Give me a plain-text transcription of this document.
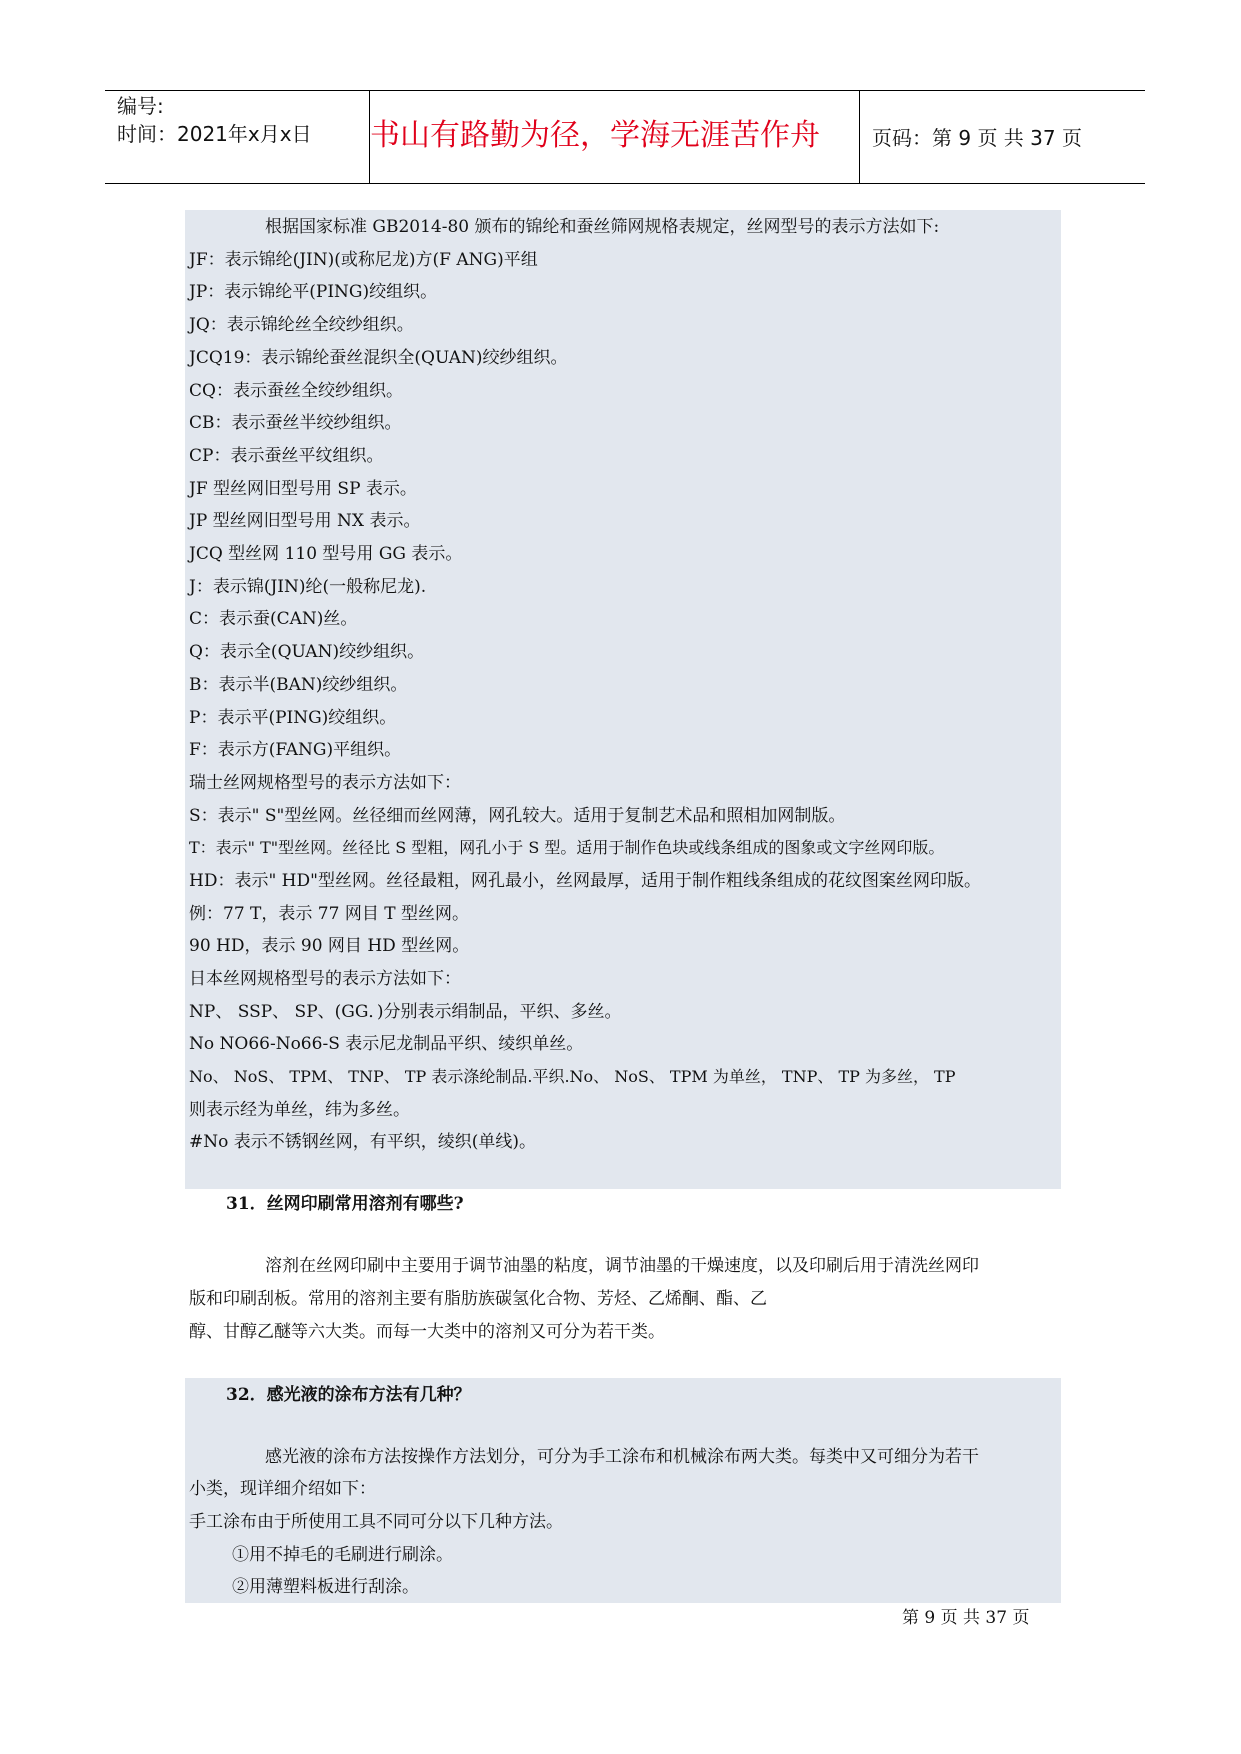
编号:
时间：2021年x月x日 书山有路勤为径，学海无涯苦作舟	页码：第 9 页 共 37 页
根据国家标准 GB2014-80 颁布的锦纶和蚕丝筛网规格表规定，丝网型号的表示方法如下:
JF：表示锦纶(JIN)(或称尼龙)方(F ANG)平组
JP：表示锦纶平(PING)绞组织。
JQ：表示锦纶丝全绞纱组织。
JCQ19：表示锦纶蚕丝混织全(QUAN)绞纱组织。
CQ：表示蚕丝全绞纱组织。
CB：表示蚕丝半绞纱组织。
CP：表示蚕丝平纹组织。
JF 型丝网旧型号用 SP 表示。
JP 型丝网旧型号用 NX 表示。
JCQ 型丝网 110 型号用 GG 表示。
J：表示锦(JIN)纶(一般称尼龙).
C：表示蚕(CAN)丝。
Q：表示全(QUAN)绞纱组织。
B：表示半(BAN)绞纱组织。
P：表示平(PING)绞组织。
F：表示方(FANG)平组织。
瑞士丝网规格型号的表示方法如下：
S：表示" S"型丝网。丝径细而丝网薄，网孔较大。适用于复制艺术品和照相加网制版。
T：表示" T"型丝网。丝径比 S 型粗，网孔小于 S 型。适用于制作色块或线条组成的图象或文字丝网印版。
HD：表示" HD"型丝网。丝径最粗，网孔最小，丝网最厚，适用于制作粗线条组成的花纹图案丝网印版。
例：77 T，表示 77 网目 T 型丝网。
90 HD，表示 90 网目 HD 型丝网。
日本丝网规格型号的表示方法如下：
NP、 SSP、 SP、(GG．)分别表示绢制品，平织、多丝。
No NO66-No66-S 表示尼龙制品平织、绫织单丝。
No、 NoS、 TPM、 TNP、 TP 表示涤纶制品.平织.No、 NoS、 TPM 为单丝， TNP、 TP 为多丝， TP
则表示经为单丝，纬为多丝。
#No 表示不锈钢丝网，有平织，绫织(单线)。
31．丝网印刷常用溶剂有哪些?
溶剂在丝网印刷中主要用于调节油墨的粘度，调节油墨的干燥速度，以及印刷后用于清洗丝网印
版和印刷刮板。常用的溶剂主要有脂肪族碳氢化合物、芳烃、乙烯酮、酯、乙
醇、甘醇乙醚等六大类。而每一大类中的溶剂又可分为若干类。
32．感光液的涂布方法有几种？
感光液的涂布方法按操作方法划分，可分为手工涂布和机械涂布两大类。每类中又可细分为若干
小类，现详细介绍如下：
手工涂布由于所使用工具不同可分以下几种方法。
①用不掉毛的毛刷进行刷涂。
②用薄塑料板进行刮涂。
第 9 页 共 37 页
